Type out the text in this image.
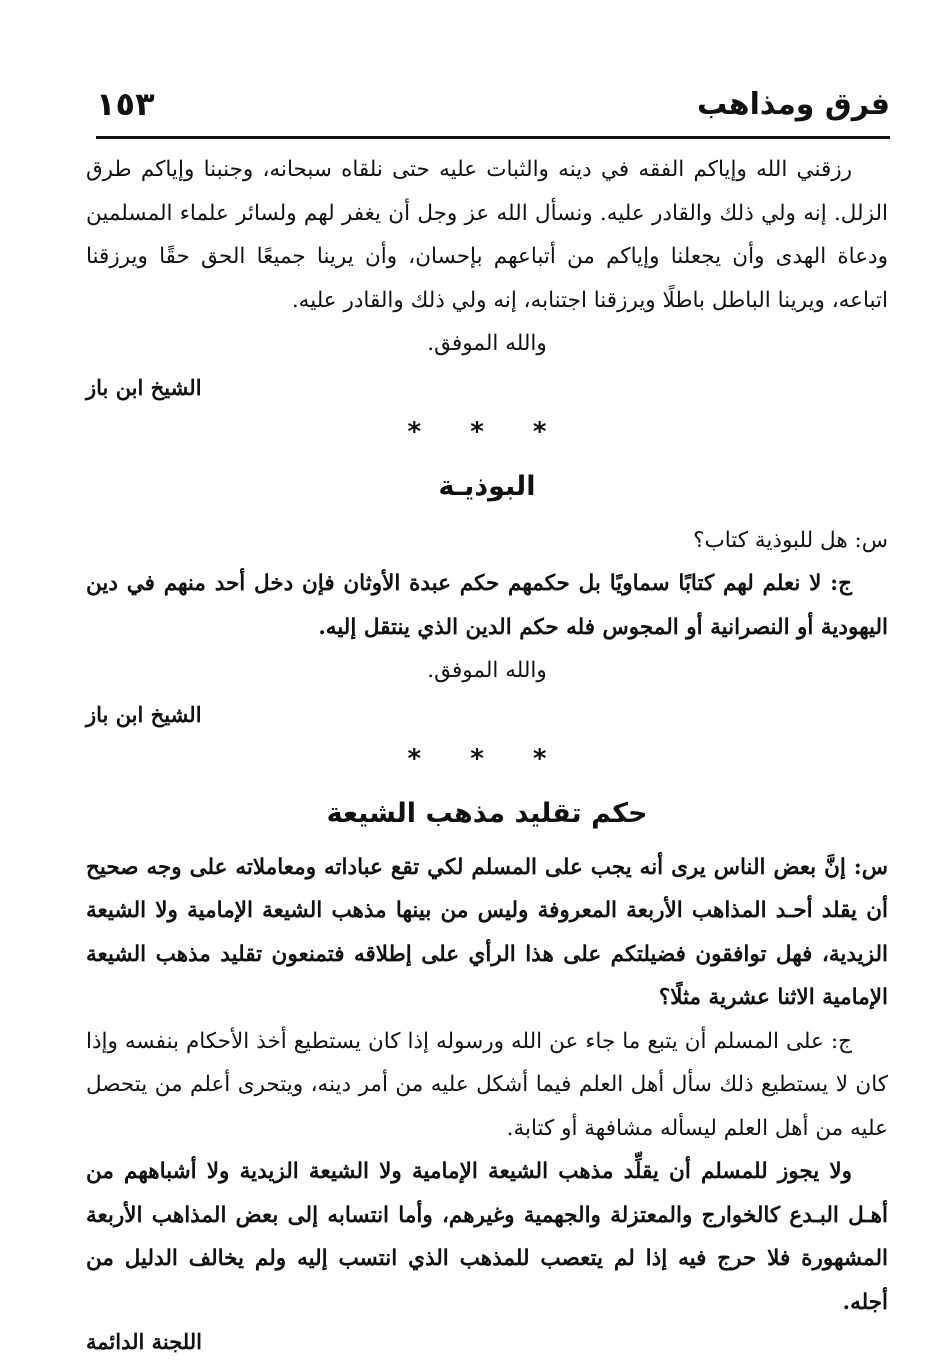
فرق ومذاهب
١٥٣

رزقني الله وإياكم الفقه في دينه والثبات عليه حتى نلقاه سبحانه، وجنبنا وإياكم طرق الزلل. إنه ولي ذلك والقادر عليه. ونسأل الله عز وجل أن يغفر لهم ولسائر علماء المسلمين ودعاة الهدى وأن يجعلنا وإياكم من أتباعهم بإحسان، وأن يرينا جميعًا الحق حقًا ويرزقنا اتباعه، ويرينا الباطل باطلًا ويرزقنا اجتنابه، إنه ولي ذلك والقادر عليه.

والله الموفق.

الشيخ ابن باز

* * *

البوذيـة

س: هل للبوذية كتاب؟

ج: لا نعلم لهم كتابًا سماويًا بل حكمهم حكم عبدة الأوثان فإن دخل أحد منهم في دين اليهودية أو النصرانية أو المجوس فله حكم الدين الذي ينتقل إليه.

والله الموفق.

الشيخ ابن باز

* * *

حكم تقليد مذهب الشيعة

س: إنَّ بعض الناس يرى أنه يجب على المسلم لكي تقع عباداته ومعاملاته على وجه صحيح أن يقلد أحـد المذاهب الأربعة المعروفة وليس من بينها مذهب الشيعة الإمامية ولا الشيعة الزيدية، فهل توافقون فضيلتكم على هذا الرأي على إطلاقه فتمنعون تقليد مذهب الشيعة الإمامية الاثنا عشرية مثلًا؟

ج: على المسلم أن يتبع ما جاء عن الله ورسوله إذا كان يستطيع أخذ الأحكام بنفسه وإذا كان لا يستطيع ذلك سأل أهل العلم فيما أشكل عليه من أمر دينه، ويتحرى أعلم من يتحصل عليه من أهل العلم ليسأله مشافهة أو كتابة.

ولا يجوز للمسلم أن يقلِّد مذهب الشيعة الإمامية ولا الشيعة الزيدية ولا أشباههم من أهـل البـدع كالخوارج والمعتزلة والجهمية وغيرهم، وأما انتسابه إلى بعض المذاهب الأربعة المشهورة فلا حرج فيه إذا لم يتعصب للمذهب الذي انتسب إليه ولم يخالف الدليل من أجله.

اللجنة الدائمة
